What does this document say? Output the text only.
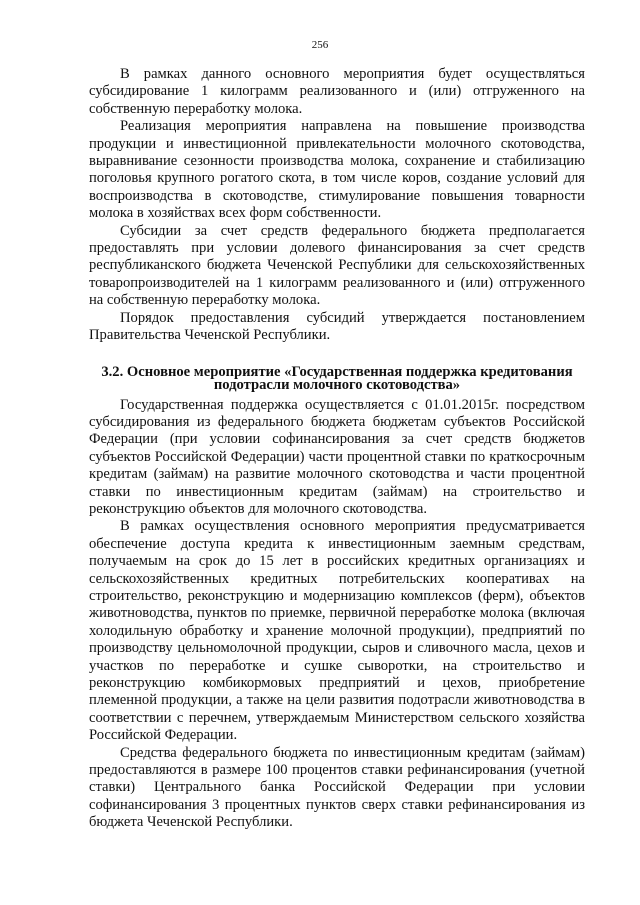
256

В рамках данного основного мероприятия будет осуществляться субсидирование 1 килограмм реализованного и (или) отгруженного на собственную переработку молока.

Реализация мероприятия направлена на повышение производства продукции и инвестиционной привлекательности молочного скотоводства, выравнивание сезонности производства молока, сохранение и стабилизацию поголовья крупного рогатого скота, в том числе коров, создание условий для воспроизводства в скотоводстве, стимулирование повышения товарности молока в хозяйствах всех форм собственности.

Субсидии за счет средств федерального бюджета предполагается предоставлять при условии долевого финансирования за счет средств республиканского бюджета Чеченской Республики для сельскохозяйственных товаропроизводителей на 1 килограмм реализованного и (или) отгруженного на собственную переработку молока.

Порядок предоставления субсидий утверждается постановлением Правительства Чеченской Республики.

3.2. Основное мероприятие «Государственная поддержка кредитования подотрасли молочного скотоводства»

Государственная поддержка осуществляется с 01.01.2015г. посредством субсидирования из федерального бюджета бюджетам субъектов Российской Федерации (при условии софинансирования за счет средств бюджетов субъектов Российской Федерации) части процентной ставки по краткосрочным кредитам (займам) на развитие молочного скотоводства и части процентной ставки по инвестиционным кредитам (займам) на строительство и реконструкцию объектов для молочного скотоводства.

В рамках осуществления основного мероприятия предусматривается обеспечение доступа кредита к инвестиционным заемным средствам, получаемым на срок до 15 лет в российских кредитных организациях и сельскохозяйственных кредитных потребительских кооперативах на строительство, реконструкцию и модернизацию комплексов (ферм), объектов животноводства, пунктов по приемке, первичной переработке молока (включая холодильную обработку и хранение молочной продукции), предприятий по производству цельномолочной продукции, сыров и сливочного масла, цехов и участков по переработке и сушке сыворотки, на строительство и реконструкцию комбикормовых предприятий и цехов, приобретение племенной продукции, а также на цели развития подотрасли животноводства в соответствии с перечнем, утверждаемым Министерством сельского хозяйства Российской Федерации.

Средства федерального бюджета по инвестиционным кредитам (займам) предоставляются в размере 100 процентов ставки рефинансирования (учетной ставки) Центрального банка Российской Федерации при условии софинансирования 3 процентных пунктов сверх ставки рефинансирования из бюджета Чеченской Республики.
